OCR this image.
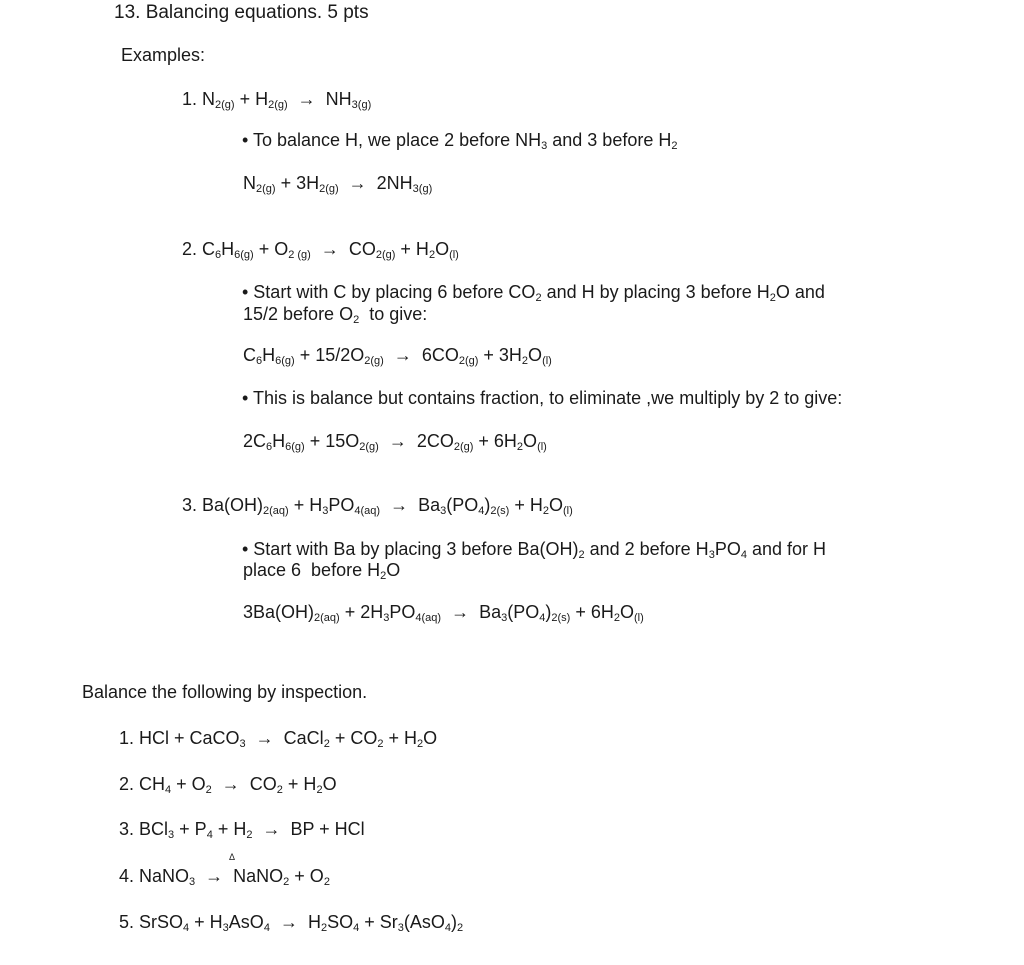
13. Balancing equations. 5 pts
Examples:
1. $N_{2(g)} + H_{2(g)} \to NH_{3(g)}$
• To balance H, we place 2 before $NH_3$ and 3 before $H_2$
$N_{2(g)} + 3H_{2(g)} \to 2NH_{3(g)}$
2. $C_6H_{6(g)} + O_{2 (g)} \to CO_{2(g)} + H_2O_{(l)}$
• Start with C by placing 6 before $CO_2$ and H by placing 3 before $H_2O$ and
15/2 before $O_2$  to give:
$C_6H_{6(g)} + 15/2O_{2(g)} \to 6CO_{2(g)} + 3H_2O_{(l)}$
• This is balance but contains fraction, to eliminate ,we multiply by 2 to give:
$2C_6H_{6(g)} + 15O_{2(g)} \to 2CO_{2(g)} + 6H_2O_{(l)}$
3. $Ba(OH)_{2(aq)} + H_3PO_{4(aq)} \to Ba_3(PO_4)_{2(s)} + H_2O_{(l)}$
• Start with Ba by placing 3 before $Ba(OH)_2$ and 2 before $H_3PO_4$ and for H
place 6  before $H_2O$
$3Ba(OH)_{2(aq)} + 2H_3PO_{4(aq)} \to Ba_3(PO_4)_{2(s)} + 6H_2O_{(l)}$
Balance the following by inspection.
1. HCl + CaCO$_3$  →  CaCl$_2$ + $CO_2 + H_2O$
2. $CH_4 + O_2 \to CO_2 + H_2O$
3. $BCl_3 + P_4 + H_2$  →  BP + HCl
Δ
4. NaNO$_3$  →  NaNO$_2$ + $O_2$
5. SrSO$_4$ + $H_3AsO_4 \to H_2SO_4 + Sr_3(AsO_4)_2$
